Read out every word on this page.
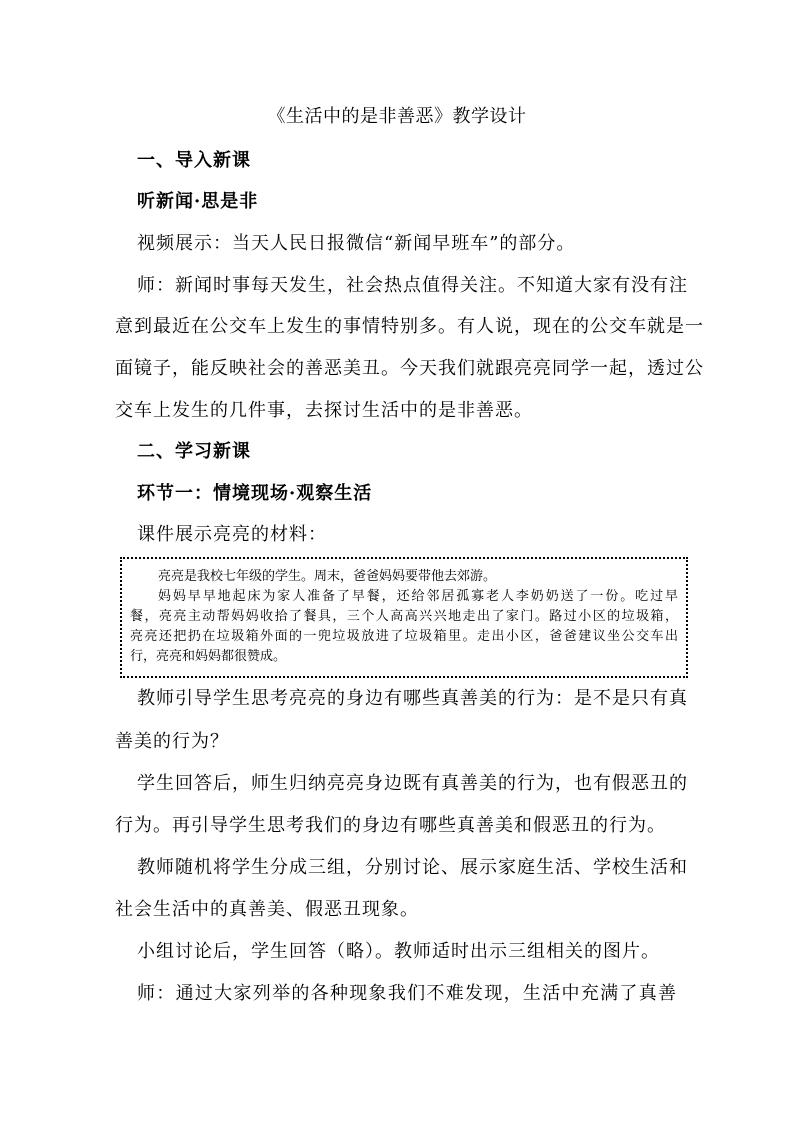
《生活中的是非善恶》教学设计
一、导入新课
听新闻·思是非
视频展示：当天人民日报微信“新闻早班车”的部分。
师：新闻时事每天发生，社会热点值得关注。不知道大家有没有注
意到最近在公交车上发生的事情特别多。有人说，现在的公交车就是一
面镜子，能反映社会的善恶美丑。今天我们就跟亮亮同学一起，透过公
交车上发生的几件事，去探讨生活中的是非善恶。
二、学习新课
环节一：情境现场·观察生活
课件展示亮亮的材料：
亮亮是我校七年级的学生。周末，爸爸妈妈要带他去郊游。
妈妈早早地起床为家人准备了早餐，还给邻居孤寡老人李奶奶送了一份。吃过早
餐，亮亮主动帮妈妈收拾了餐具，三个人高高兴兴地走出了家门。路过小区的垃圾箱，
亮亮还把扔在垃圾箱外面的一兜垃圾放进了垃圾箱里。走出小区，爸爸建议坐公交车出
行，亮亮和妈妈都很赞成。
教师引导学生思考亮亮的身边有哪些真善美的行为：是不是只有真
善美的行为？
学生回答后，师生归纳亮亮身边既有真善美的行为，也有假恶丑的
行为。再引导学生思考我们的身边有哪些真善美和假恶丑的行为。
教师随机将学生分成三组，分别讨论、展示家庭生活、学校生活和
社会生活中的真善美、假恶丑现象。
小组讨论后，学生回答（略）。教师适时出示三组相关的图片。
师：通过大家列举的各种现象我们不难发现，生活中充满了真善
